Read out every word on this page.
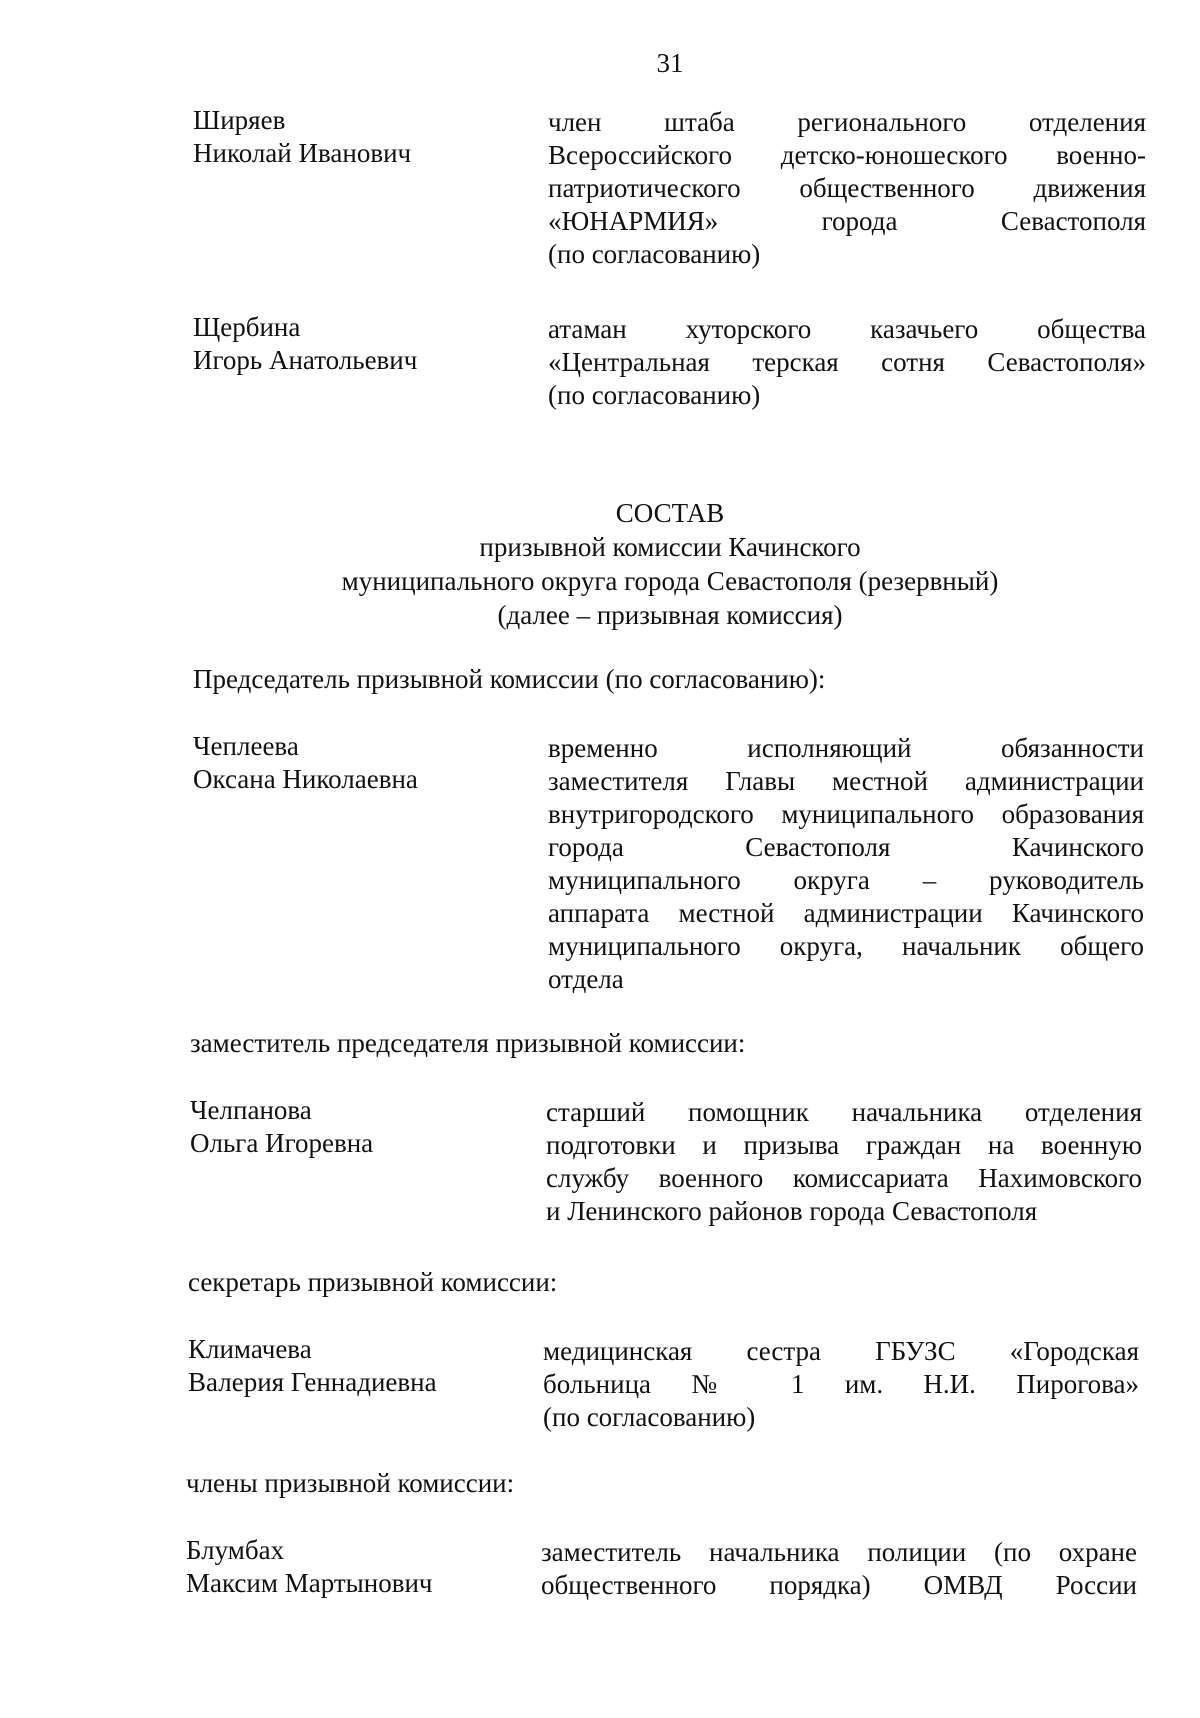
31
Ширяев
Николай Иванович
член штаба регионального отделения
Всероссийского детско-юношеского военно-
патриотического общественного движения
«ЮНАРМИЯ» города Севастополя
(по согласованию)
Щербина
Игорь Анатольевич
атаман хуторского казачьего общества
«Центральная терская сотня Севастополя»
(по согласованию)
СОСТАВ
призывной комиссии Качинского
муниципального округа города Севастополя (резервный)
(далее – призывная комиссия)
Председатель призывной комиссии (по согласованию):
Чеплеева
Оксана Николаевна
временно исполняющий обязанности
заместителя Главы местной администрации
внутригородского муниципального образования
города Севастополя Качинского
муниципального округа – руководитель
аппарата местной администрации Качинского
муниципального округа, начальник общего
отдела
заместитель председателя призывной комиссии:
Челпанова
Ольга Игоревна
старший помощник начальника отделения
подготовки и призыва граждан на военную
службу военного комиссариата Нахимовского
и Ленинского районов города Севастополя
секретарь призывной комиссии:
Климачева
Валерия Геннадиевна
медицинская сестра ГБУЗС «Городская
больница № 1 им. Н.И. Пирогова»
(по согласованию)
члены призывной комиссии:
Блумбах
Максим Мартынович
заместитель начальника полиции (по охране
общественного порядка) ОМВД России
